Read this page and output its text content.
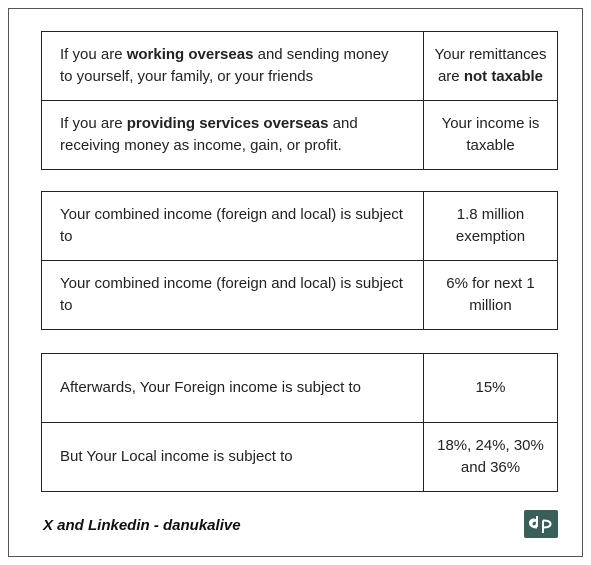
If you are working overseas and sending money to yourself, your family, or your friends	Your remittances are not taxable
If you are providing services overseas and receiving money as income, gain, or profit.	Your income is taxable
Your combined income (foreign and local) is subject to	1.8 million exemption
Your combined income (foreign and local) is subject to	6% for next 1 million
Afterwards, Your Foreign income is subject to	15%
But Your Local income is subject to	18%, 24%, 30% and 36%
X and Linkedin - danukalive
